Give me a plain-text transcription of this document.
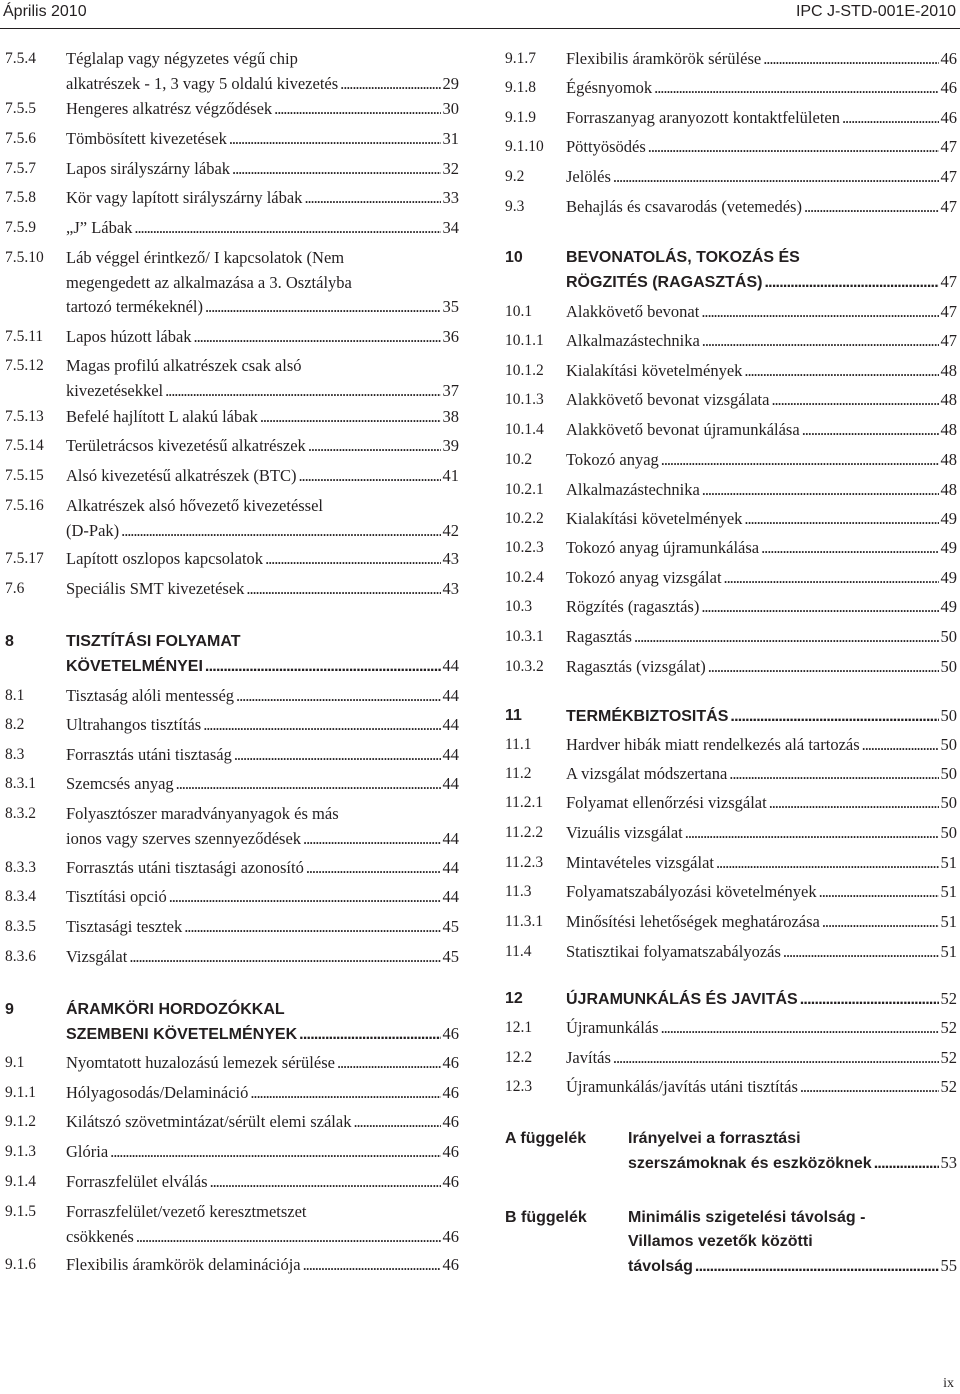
Április 2010	IPC J-STD-001E-2010
7.5.4 Téglalap vagy négyzetes végű chip
alkatrészek - 1, 3 vagy 5 oldalú kivezetés . . .	29
7.5.5 Hengeres alkatrész végződések . . .	30
7.5.6 Tömbösített kivezetések . . .	31
7.5.7 Lapos sirályszárny lábak . . .	32
7.5.8 Kör vagy lapított sirályszárny lábak . . .	33
7.5.9 „J” Lábak . . .	34
7.5.10 Láb véggel érintkező/ I kapcsolatok (Nem
megengedett az alkalmazása a 3. Osztályba
tartozó termékeknél) . . .	35
7.5.11 Lapos húzott lábak . . .	36
7.5.12 Magas profilú alkatrészek csak alsó
kivezetésekkel . . .	37
7.5.13 Befelé hajlított L alakú lábak . . .	38
7.5.14 Területrácsos kivezetésű alkatrészek . . .	39
7.5.15 Alsó kivezetésű alkatrészek (BTC) . . .	41
7.5.16 Alkatrészek alsó hővezető kivezetéssel
(D-Pak) . . .	42
7.5.17 Lapított oszlopos kapcsolatok . . .	43
7.6	Speciális SMT kivezetések . . .	43
8	TISZTÍTÁSI FOLYAMAT
KÖVETELMÉNYEI . . .	44
8.1	Tisztaság alóli mentesség . . .	44
8.2	Ultrahangos tisztítás . . .	44
8.3	Forrasztás utáni tisztaság . . .	44
8.3.1 Szemcsés anyag . . .	44
8.3.2 Folyasztószer maradványanyagok és más
ionos vagy szerves szennyeződések . . .	44
8.3.3 Forrasztás utáni tisztasági azonosító . . .	44
8.3.4 Tisztítási opció . . .	44
8.3.5 Tisztasági tesztek . . .	45
8.3.6 Vizsgálat . . .	45
9	ÁRAMKÖRI HORDOZÓKKAL
SZEMBENI KÖVETELMÉNYEK . . .	46
9.1	Nyomtatott huzalozású lemezek sérülése . . .	46
9.1.1 Hólyagosodás/Delamináció . . .	46
9.1.2 Kilátszó szövetmintázat/sérült elemi szálak . . .	46
9.1.3 Glória . . .	46
9.1.4 Forraszfelület elválás . . .	46
9.1.5 Forraszfelület/vezető keresztmetszet
csökkenés . . .	46
9.1.6 Flexibilis áramkörök delaminációja . . .	46
9.1.7 Flexibilis áramkörök sérülése . . .	46
9.1.8 Égésnyomok . . .	46
9.1.9 Forraszanyag aranyozott kontaktfelületen . . .	46
9.1.10 Pöttyösödés . . .	47
9.2	Jelölés . . .	47
9.3	Behajlás és csavarodás (vetemedés) . . .	47
10	BEVONATOLÁS, TOKOZÁS ÉS
RÖGZITÉS (RAGASZTÁS) . . .	47
10.1 Alakkövető bevonat . . .	47
10.1.1 Alkalmazástechnika . . .	47
10.1.2 Kialakítási követelmények . . .	48
10.1.3 Alakkövető bevonat vizsgálata . . .	48
10.1.4 Alakkövető bevonat újramunkálása . . .	48
10.2 Tokozó anyag . . .	48
10.2.1 Alkalmazástechnika . . .	48
10.2.2 Kialakítási követelmények . . .	49
10.2.3 Tokozó anyag újramunkálása . . .	49
10.2.4 Tokozó anyag vizsgálat . . .	49
10.3 Rögzítés (ragasztás) . . .	49
10.3.1 Ragasztás . . .	50
10.3.2 Ragasztás (vizsgálat) . . .	50
11	TERMÉKBIZTOSITÁS . . .	50
11.1 Hardver hibák miatt rendelkezés alá tartozás . . .	50
11.2 A vizsgálat módszertana . . .	50
11.2.1 Folyamat ellenőrzési vizsgálat . . .	50
11.2.2 Vizuális vizsgálat . . .	50
11.2.3 Mintavételes vizsgálat . . .	51
11.3 Folyamatszabályozási követelmények . . .	51
11.3.1 Minősítési lehetőségek meghatározása . . .	51
11.4 Statisztikai folyamatszabályozás . . .	51
12	ÚJRAMUNKÁLÁS ÉS JAVITÁS . . .	52
12.1 Újramunkálás . . .	52
12.2 Javítás . . .	52
12.3 Újramunkálás/javítás utáni tisztítás . . .	52
A függelék	Irányelvei a forrasztási
szerszámoknak és eszközöknek . . .	53
B függelék	Minimális szigetelési távolság -
Villamos vezetők közötti
távolság . . .	55
ix
